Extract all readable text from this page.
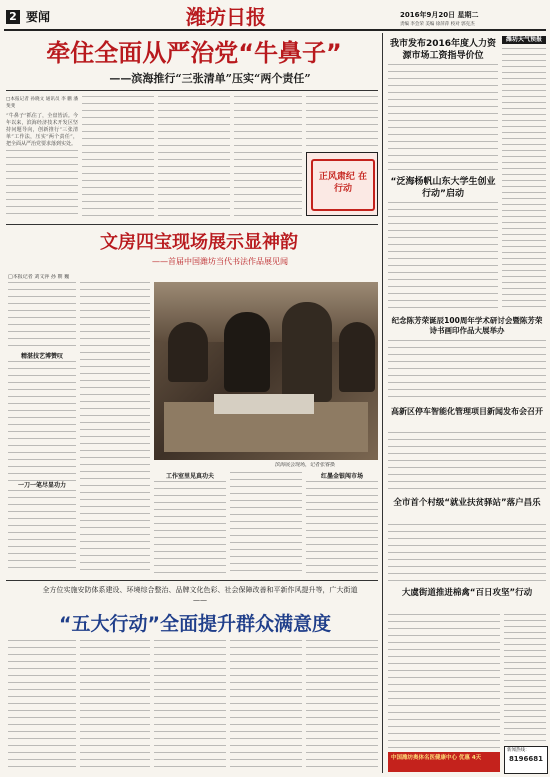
2 要闻	潍坊日报	2016年9月20日 星期二
责编 李会荣 美编 徐萍萍 校对 郭克杰
牵住全面从严治党“牛鼻子”
——滨海推行“三张清单”压实“两个责任”

□本报记者 孙晓文 通讯员 李 鹏 潘斐斐

“牛鼻子”抓住了，全盘皆活。今年以来，滨海经济技术开发区坚持问题导向，创新推行“三张清单”工作法，压实“两个责任”，把全面从严治党要求落到实处。

正风肃纪 在行动
文房四宝现场展示显神韵
——首届中国潍坊当代书法作品展见闻
□本报记者 刘文萍 孙 朝 巍
精湛技艺博赞叹
一刀一笔尽显功力
滨海展会现场，记者张睿摄
工作室里见真功夫	红墨金银闯市场
全方位实施安防体系建设、环境综合整治、品牌文化色彩、社会保障改善和平新作风提升等，广大街道——
“五大行动”全面提升群众满意度
我市发布2016年度人力资源市场工资指导价位
“泛海杨帆山东大学生创业行动”启动
纪念陈芳荣诞辰100周年学术研讨会暨陈芳荣诗书画印作品大展举办
高新区停车智能化管理项目新闻发布会召开
全市首个村级“就业扶贫驿站”落户昌乐
大虞街道推进棉禽“百日攻坚”行动
潍坊天气预报
中国潍坊奥体名医健康中心 优惠 4天
新闻热线：
8196681
